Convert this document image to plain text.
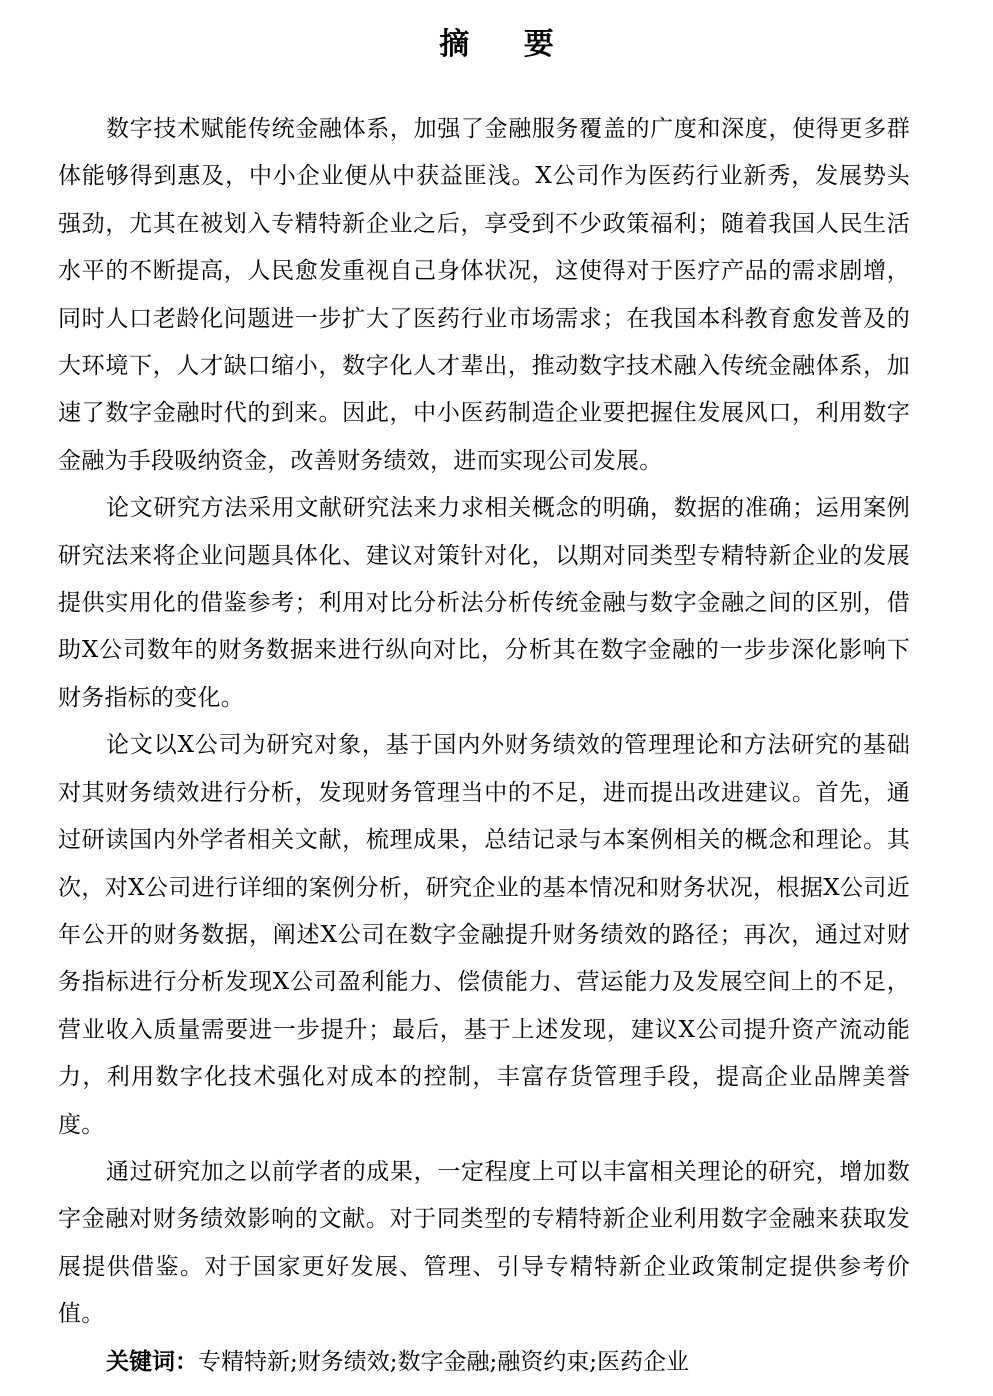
摘 要

数字技术赋能传统金融体系，加强了金融服务覆盖的广度和深度，使得更多群体能够得到惠及，中小企业便从中获益匪浅。X公司作为医药行业新秀，发展势头强劲，尤其在被划入专精特新企业之后，享受到不少政策福利；随着我国人民生活水平的不断提高，人民愈发重视自己身体状况，这使得对于医疗产品的需求剧增，同时人口老龄化问题进一步扩大了医药行业市场需求；在我国本科教育愈发普及的大环境下，人才缺口缩小，数字化人才辈出，推动数字技术融入传统金融体系，加速了数字金融时代的到来。因此，中小医药制造企业要把握住发展风口，利用数字金融为手段吸纳资金，改善财务绩效，进而实现公司发展。

论文研究方法采用文献研究法来力求相关概念的明确，数据的准确；运用案例研究法来将企业问题具体化、建议对策针对化，以期对同类型专精特新企业的发展提供实用化的借鉴参考；利用对比分析法分析传统金融与数字金融之间的区别，借助X公司数年的财务数据来进行纵向对比，分析其在数字金融的一步步深化影响下财务指标的变化。

论文以X公司为研究对象，基于国内外财务绩效的管理理论和方法研究的基础对其财务绩效进行分析，发现财务管理当中的不足，进而提出改进建议。首先，通过研读国内外学者相关文献，梳理成果，总结记录与本案例相关的概念和理论。其次，对X公司进行详细的案例分析，研究企业的基本情况和财务状况，根据X公司近年公开的财务数据，阐述X公司在数字金融提升财务绩效的路径；再次，通过对财务指标进行分析发现X公司盈利能力、偿债能力、营运能力及发展空间上的不足，营业收入质量需要进一步提升；最后，基于上述发现，建议X公司提升资产流动能力，利用数字化技术强化对成本的控制，丰富存货管理手段，提高企业品牌美誉度。

通过研究加之以前学者的成果，一定程度上可以丰富相关理论的研究，增加数字金融对财务绩效影响的文献。对于同类型的专精特新企业利用数字金融来获取发展提供借鉴。对于国家更好发展、管理、引导专精特新企业政策制定提供参考价值。

关键词：专精特新;财务绩效;数字金融;融资约束;医药企业
